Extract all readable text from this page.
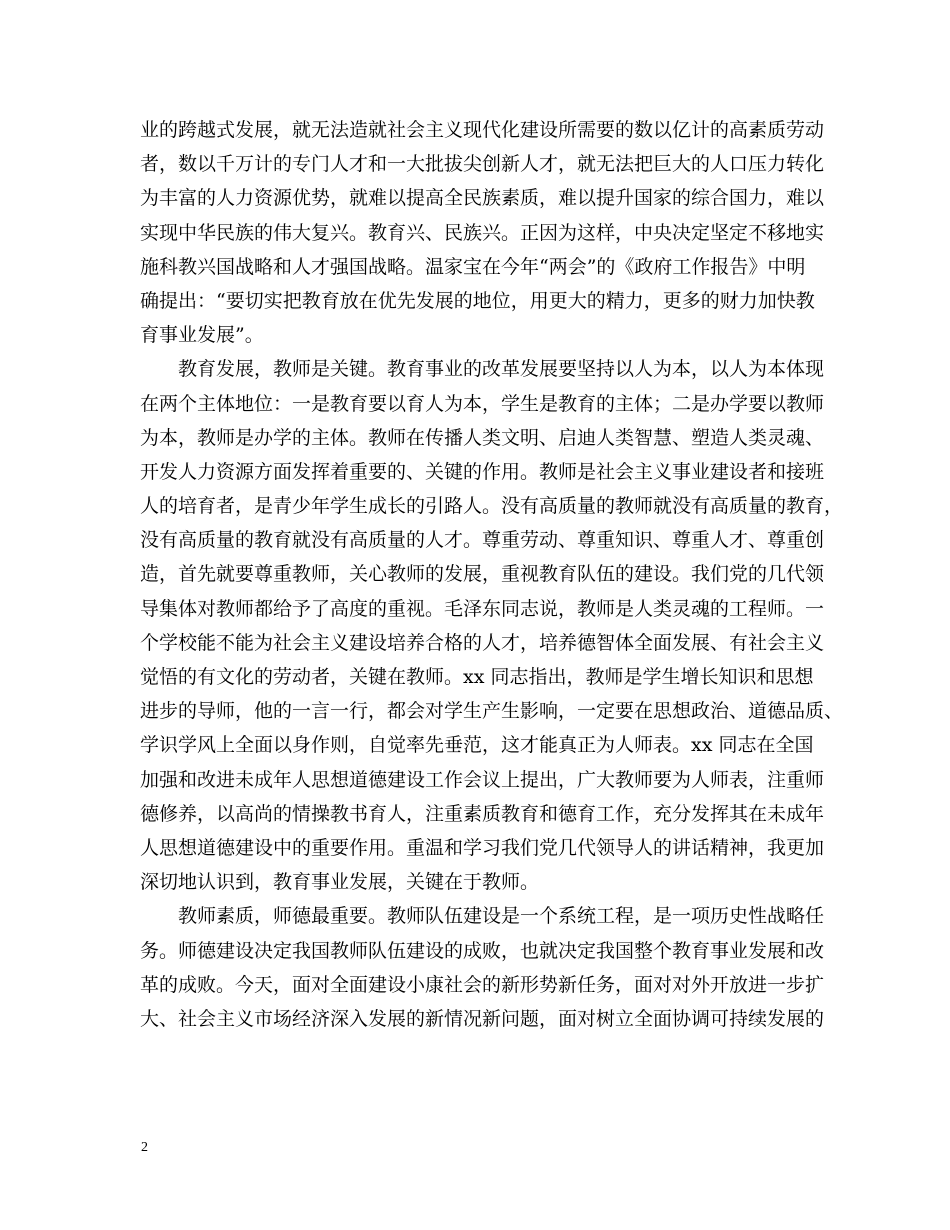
业的跨越式发展，就无法造就社会主义现代化建设所需要的数以亿计的高素质劳动
者，数以千万计的专门人才和一大批拔尖创新人才，就无法把巨大的人口压力转化
为丰富的人力资源优势，就难以提高全民族素质，难以提升国家的综合国力，难以
实现中华民族的伟大复兴。教育兴、民族兴。正因为这样，中央决定坚定不移地实
施科教兴国战略和人才强国战略。温家宝在今年“两会”的《政府工作报告》中明
确提出：“要切实把教育放在优先发展的地位，用更大的精力，更多的财力加快教
育事业发展”。
　　教育发展，教师是关键。教育事业的改革发展要坚持以人为本，以人为本体现
在两个主体地位：一是教育要以育人为本，学生是教育的主体；二是办学要以教师
为本，教师是办学的主体。教师在传播人类文明、启迪人类智慧、塑造人类灵魂、
开发人力资源方面发挥着重要的、关键的作用。教师是社会主义事业建设者和接班
人的培育者，是青少年学生成长的引路人。没有高质量的教师就没有高质量的教育，
没有高质量的教育就没有高质量的人才。尊重劳动、尊重知识、尊重人才、尊重创
造，首先就要尊重教师，关心教师的发展，重视教育队伍的建设。我们党的几代领
导集体对教师都给予了高度的重视。毛泽东同志说，教师是人类灵魂的工程师。一
个学校能不能为社会主义建设培养合格的人才，培养德智体全面发展、有社会主义
觉悟的有文化的劳动者，关键在教师。xx 同志指出，教师是学生增长知识和思想
进步的导师，他的一言一行，都会对学生产生影响，一定要在思想政治、道德品质、
学识学风上全面以身作则，自觉率先垂范，这才能真正为人师表。xx 同志在全国
加强和改进未成年人思想道德建设工作会议上提出，广大教师要为人师表，注重师
德修养，以高尚的情操教书育人，注重素质教育和德育工作，充分发挥其在未成年
人思想道德建设中的重要作用。重温和学习我们党几代领导人的讲话精神，我更加
深切地认识到，教育事业发展，关键在于教师。
　　教师素质，师德最重要。教师队伍建设是一个系统工程，是一项历史性战略任
务。师德建设决定我国教师队伍建设的成败，也就决定我国整个教育事业发展和改
革的成败。今天，面对全面建设小康社会的新形势新任务，面对对外开放进一步扩
大、社会主义市场经济深入发展的新情况新问题，面对树立全面协调可持续发展的
2
